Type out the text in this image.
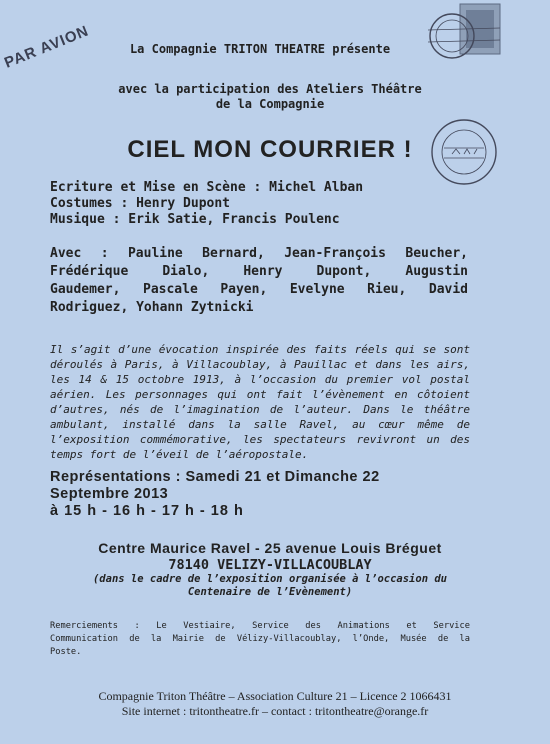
PAR AVION	La Compagnie TRITON THEATRE présente
avec la participation des Ateliers Théâtre
de la Compagnie
CIEL MON COURRIER !
Ecriture et Mise en Scène : Michel Alban
Costumes : Henry Dupont
Musique : Erik Satie, Francis Poulenc
Avec : Pauline Bernard, Jean-François Beucher,
Frédérique Dialo, Henry Dupont, Augustin
Gaudemer, Pascale Payen, Evelyne Rieu, David
Rodriguez, Yohann Zytnicki
Il s’agit d’une évocation inspirée des faits réels qui se sont
déroulés à Paris, à Villacoublay, à Pauillac et dans les airs,
les 14 & 15 octobre 1913, à l’occasion du premier vol postal
aérien. Les personnages qui ont fait l’évènement en côtoient
d’autres, nés de l’imagination de l’auteur. Dans le théâtre
ambulant, installé dans la salle Ravel, au cœur même de
l’exposition commémorative, les spectateurs revivront un des
temps fort de l’éveil de l’aéropostale.
Représentations : Samedi 21 et Dimanche 22
Septembre 2013
à 15 h - 16 h - 17 h - 18 h
Centre Maurice Ravel - 25 avenue Louis Bréguet
78140 VELIZY-VILLACOUBLAY
(dans le cadre de l’exposition organisée à l’occasion du
Centenaire de l’Evènement)
Remerciements : Le Vestiaire, Service des Animations et Service
Communication de la Mairie de Vélizy-Villacoublay, l’Onde, Musée de la
Poste.
Compagnie Triton Théâtre – Association Culture 21 – Licence 2 1066431
Site internet : tritontheatre.fr – contact : tritontheatre@orange.fr
